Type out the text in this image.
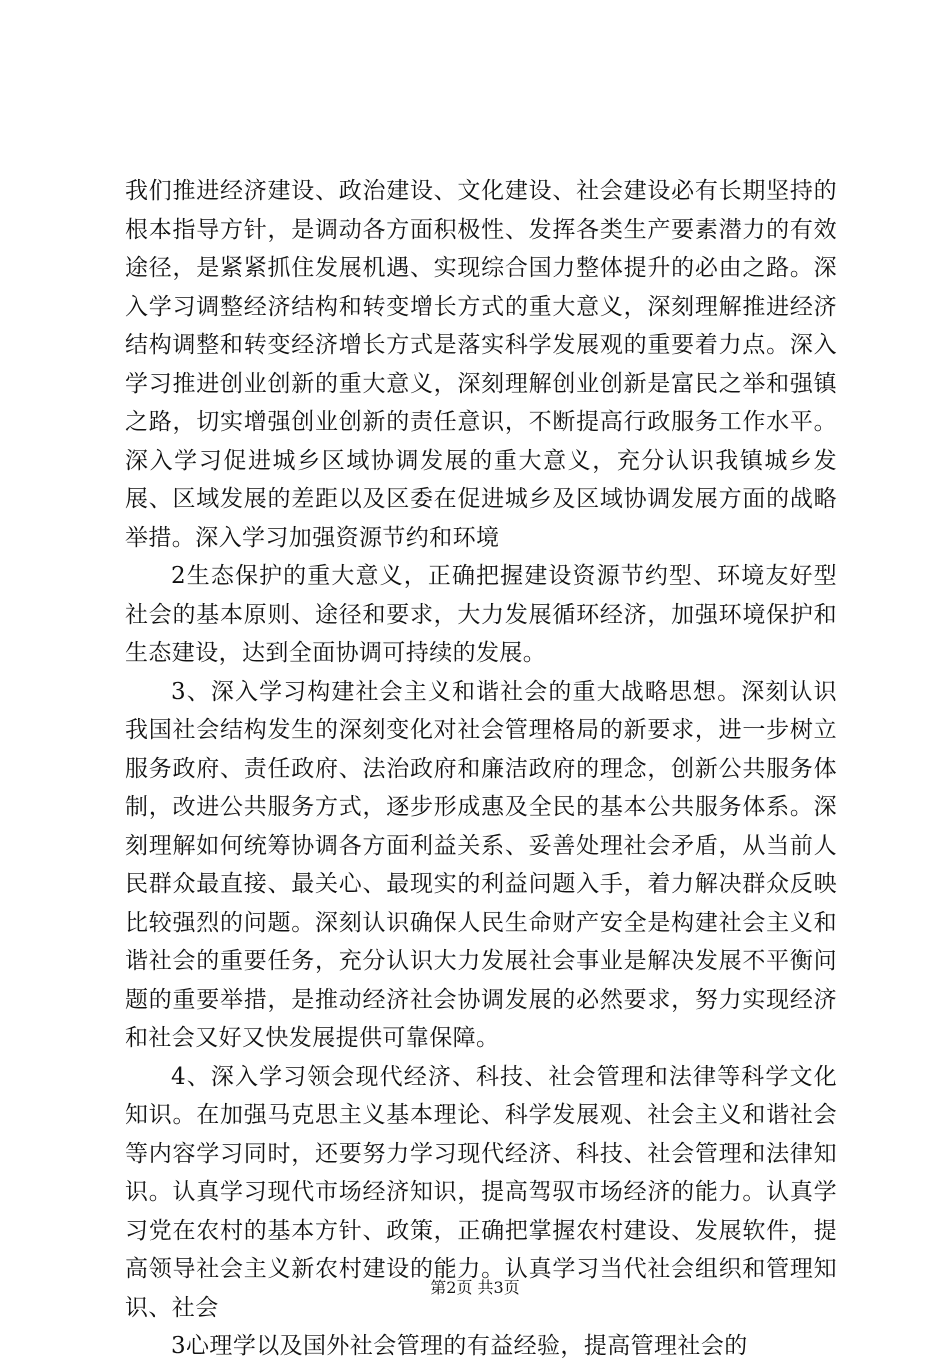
我们推进经济建设、政治建设、文化建设、社会建设必有长期坚持的根本指导方针，是调动各方面积极性、发挥各类生产要素潜力的有效途径，是紧紧抓住发展机遇、实现综合国力整体提升的必由之路。深入学习调整经济结构和转变增长方式的重大意义，深刻理解推进经济结构调整和转变经济增长方式是落实科学发展观的重要着力点。深入学习推进创业创新的重大意义，深刻理解创业创新是富民之举和强镇之路，切实增强创业创新的责任意识，不断提高行政服务工作水平。深入学习促进城乡区域协调发展的重大意义，充分认识我镇城乡发展、区域发展的差距以及区委在促进城乡及区域协调发展方面的战略举措。深入学习加强资源节约和环境

2生态保护的重大意义，正确把握建设资源节约型、环境友好型社会的基本原则、途径和要求，大力发展循环经济，加强环境保护和生态建设，达到全面协调可持续的发展。

3、深入学习构建社会主义和谐社会的重大战略思想。深刻认识我国社会结构发生的深刻变化对社会管理格局的新要求，进一步树立服务政府、责任政府、法治政府和廉洁政府的理念，创新公共服务体制，改进公共服务方式，逐步形成惠及全民的基本公共服务体系。深刻理解如何统筹协调各方面利益关系、妥善处理社会矛盾，从当前人民群众最直接、最关心、最现实的利益问题入手，着力解决群众反映比较强烈的问题。深刻认识确保人民生命财产安全是构建社会主义和谐社会的重要任务，充分认识大力发展社会事业是解决发展不平衡问题的重要举措，是推动经济社会协调发展的必然要求，努力实现经济和社会又好又快发展提供可靠保障。

4、深入学习领会现代经济、科技、社会管理和法律等科学文化知识。在加强马克思主义基本理论、科学发展观、社会主义和谐社会等内容学习同时，还要努力学习现代经济、科技、社会管理和法律知识。认真学习现代市场经济知识，提高驾驭市场经济的能力。认真学习党在农村的基本方针、政策，正确把掌握农村建设、发展软件，提高领导社会主义新农村建设的能力。认真学习当代社会组织和管理知识、社会

3心理学以及国外社会管理的有益经验，提高管理社会的

第2页 共3页
